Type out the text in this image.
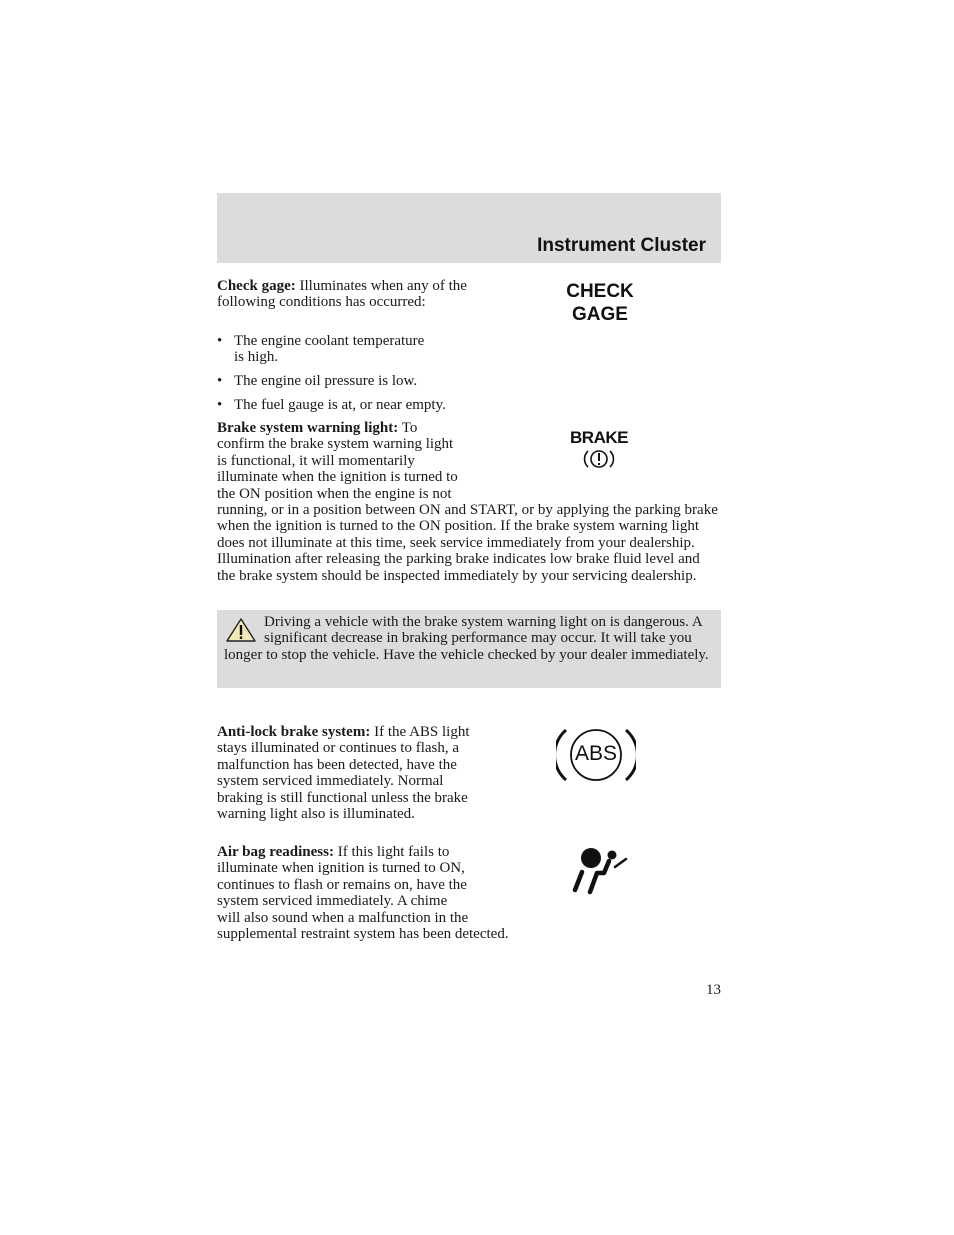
Instrument Cluster

Check gage: Illuminates when any of the following conditions has occurred:

• The engine coolant temperature
is high.
• The engine oil pressure is low.
• The fuel gauge is at, or near empty.
CHECK
GAGE
BRAKE

Brake system warning light: To confirm the brake system warning light is functional, it will momentarily illuminate when the ignition is turned to the ON position when the engine is not running, or in a position between ON and START, or by applying the parking brake when the ignition is turned to the ON position. If the brake system warning light does not illuminate at this time, seek service immediately from your dealership. Illumination after releasing the parking brake indicates low brake fluid level and the brake system should be inspected immediately by your servicing dealership.

Driving a vehicle with the brake system warning light on is dangerous. A significant decrease in braking performance may occur. It will take you longer to stop the vehicle. Have the vehicle checked by your dealer immediately.

Anti-lock brake system: If the ABS light stays illuminated or continues to flash, a malfunction has been detected, have the system serviced immediately. Normal braking is still functional unless the brake warning light also is illuminated.

ABS

Air bag readiness: If this light fails to illuminate when ignition is turned to ON, continues to flash or remains on, have the system serviced immediately. A chime will also sound when a malfunction in the supplemental restraint system has been detected.

13
